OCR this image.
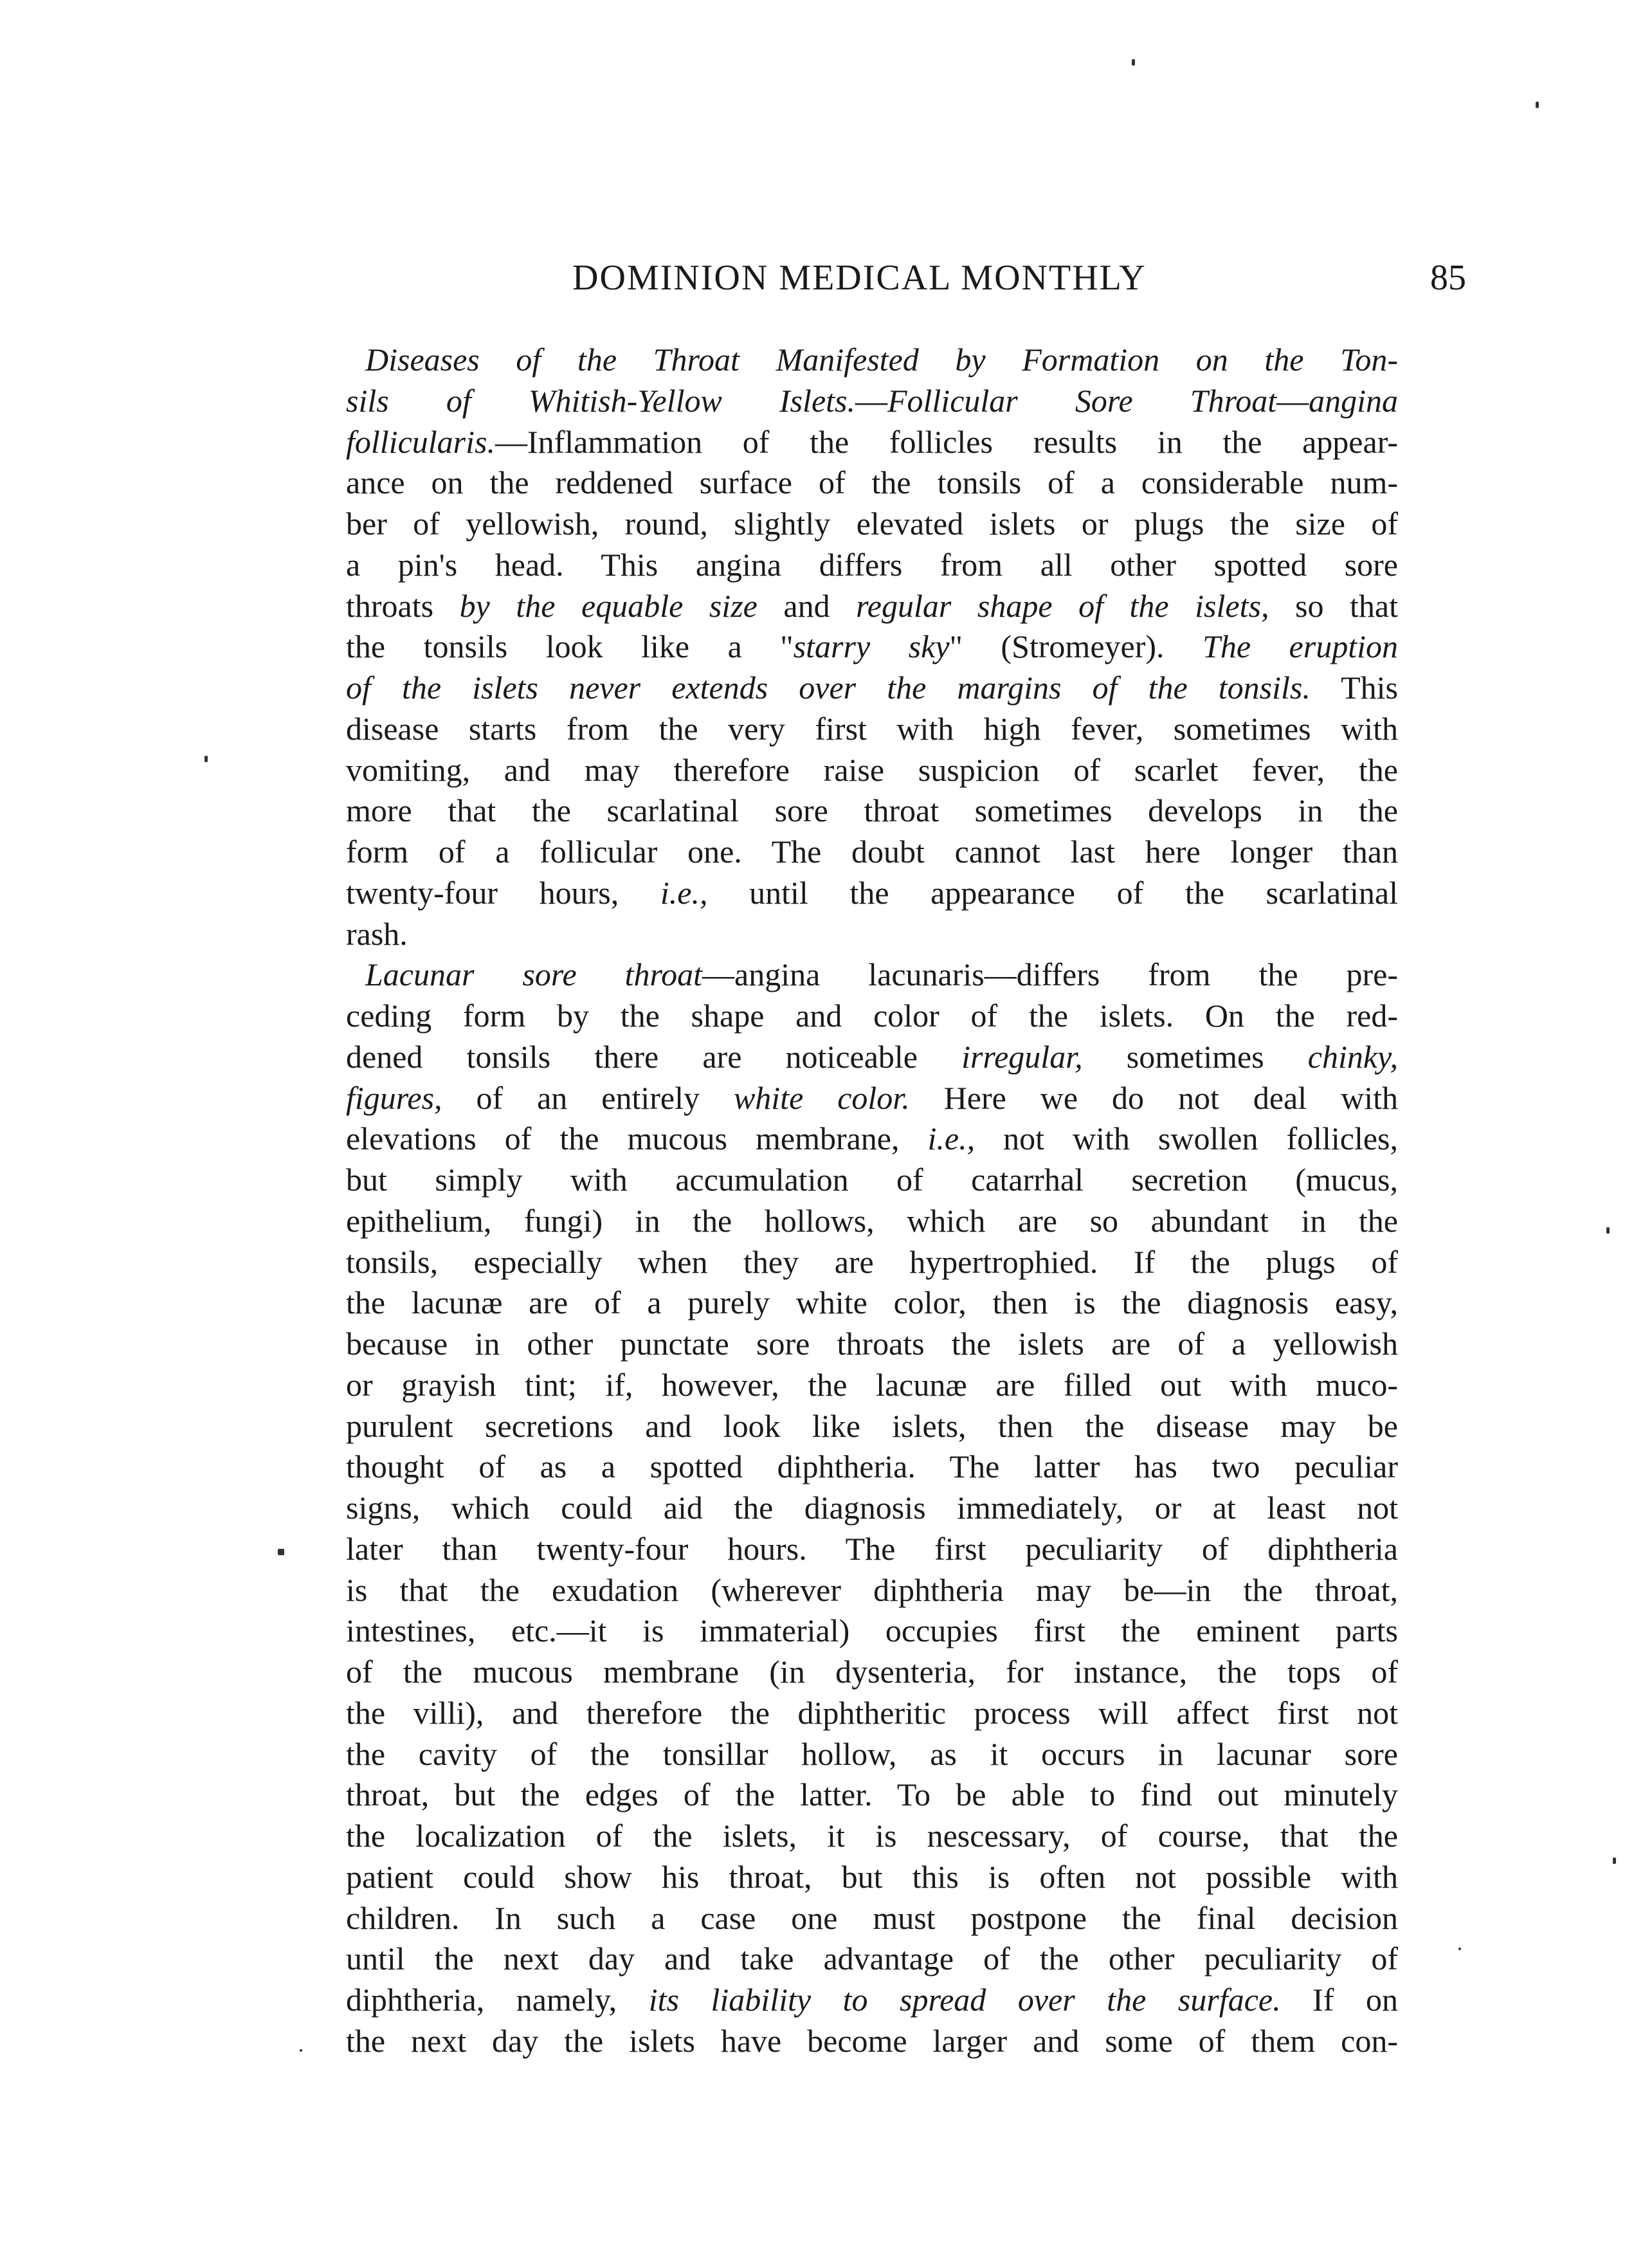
DOMINION MEDICAL MONTHLY	85
Diseases of the Throat Manifested by Formation on the Ton-
sils of Whitish-Yellow Islets.—Follicular Sore Throat—angina
follicularis.—Inflammation of the follicles results in the appear-
ance on the reddened surface of the tonsils of a considerable num-
ber of yellowish, round, slightly elevated islets or plugs the size of
a pin's head. This angina differs from all other spotted sore
throats by the equable size and regular shape of the islets, so that
the tonsils look like a "starry sky" (Stromeyer). The eruption
of the islets never extends over the margins of the tonsils. This
disease starts from the very first with high fever, sometimes with
vomiting, and may therefore raise suspicion of scarlet fever, the
more that the scarlatinal sore throat sometimes develops in the
form of a follicular one. The doubt cannot last here longer than
twenty-four hours, i.e., until the appearance of the scarlatinal
rash.
Lacunar sore throat—angina lacunaris—differs from the pre-
ceding form by the shape and color of the islets. On the red-
dened tonsils there are noticeable irregular, sometimes chinky,
figures, of an entirely white color. Here we do not deal with
elevations of the mucous membrane, i.e., not with swollen follicles,
but simply with accumulation of catarrhal secretion (mucus,
epithelium, fungi) in the hollows, which are so abundant in the
tonsils, especially when they are hypertrophied. If the plugs of
the lacunæ are of a purely white color, then is the diagnosis easy,
because in other punctate sore throats the islets are of a yellowish
or grayish tint; if, however, the lacunæ are filled out with muco-
purulent secretions and look like islets, then the disease may be
thought of as a spotted diphtheria. The latter has two peculiar
signs, which could aid the diagnosis immediately, or at least not
later than twenty-four hours. The first peculiarity of diphtheria
is that the exudation (wherever diphtheria may be—in the throat,
intestines, etc.—it is immaterial) occupies first the eminent parts
of the mucous membrane (in dysenteria, for instance, the tops of
the villi), and therefore the diphtheritic process will affect first not
the cavity of the tonsillar hollow, as it occurs in lacunar sore
throat, but the edges of the latter. To be able to find out minutely
the localization of the islets, it is nescessary, of course, that the
patient could show his throat, but this is often not possible with
children. In such a case one must postpone the final decision
until the next day and take advantage of the other peculiarity of
diphtheria, namely, its liability to spread over the surface. If on
the next day the islets have become larger and some of them con-
